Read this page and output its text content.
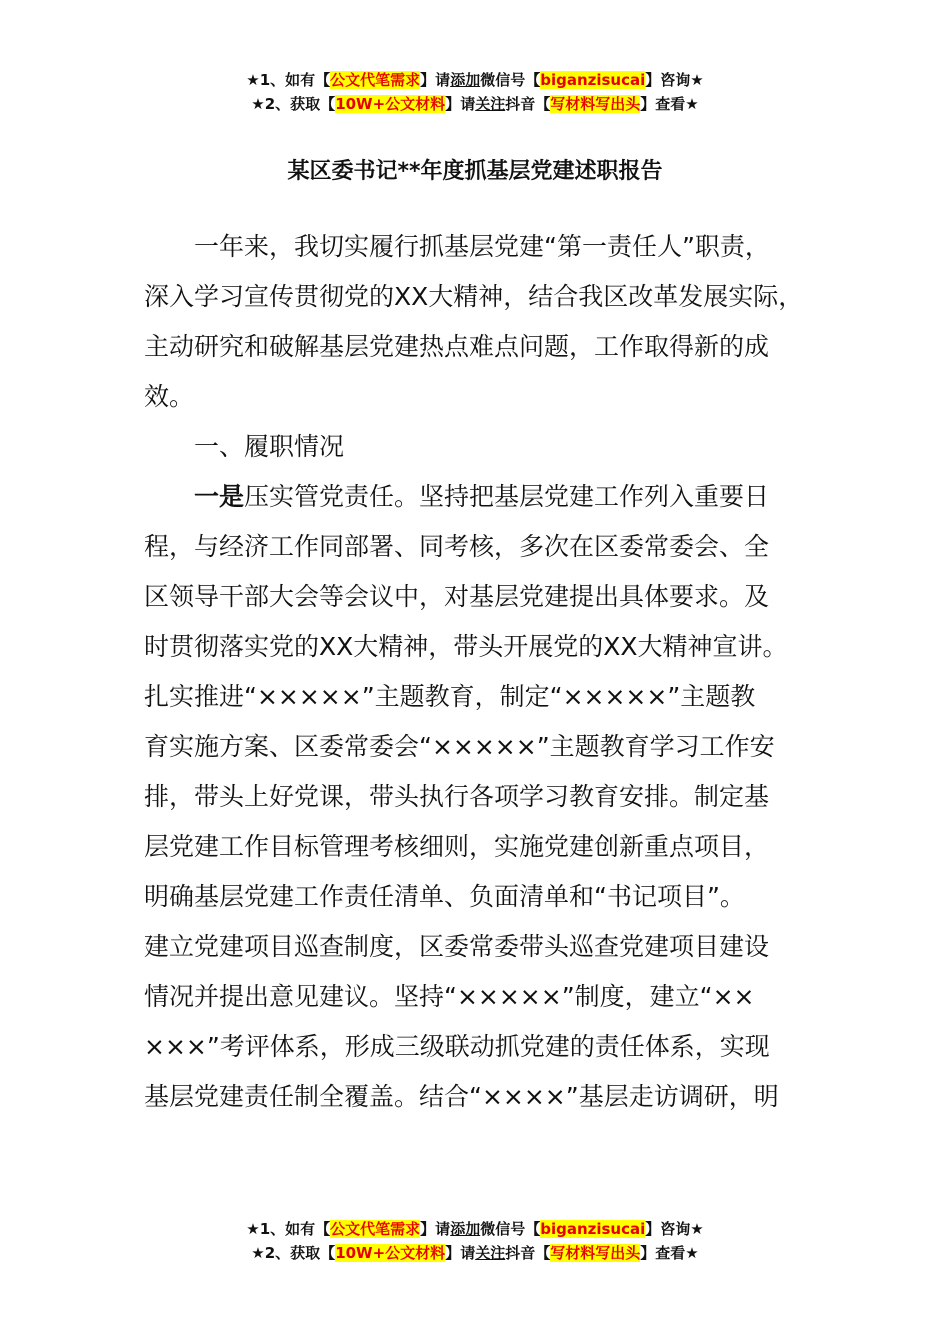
★1、如有【公文代笔需求】请添加微信号【biganzisucai】咨询★
★2、获取【10W+公文材料】请关注抖音【写材料写出头】查看★
某区委书记**年度抓基层党建述职报告
一年来，我切实履行抓基层党建“第一责任人”职责，
深入学习宣传贯彻党的XX大精神，结合我区改革发展实际，
主动研究和破解基层党建热点难点问题，工作取得新的成
效。
一、履职情况
一是压实管党责任。坚持把基层党建工作列入重要日
程，与经济工作同部署、同考核，多次在区委常委会、全
区领导干部大会等会议中，对基层党建提出具体要求。及
时贯彻落实党的XX大精神，带头开展党的XX大精神宣讲。
扎实推进“×××××”主题教育，制定“×××××”主题教
育实施方案、区委常委会“×××××”主题教育学习工作安
排，带头上好党课，带头执行各项学习教育安排。制定基
层党建工作目标管理考核细则，实施党建创新重点项目，
明确基层党建工作责任清单、负面清单和“书记项目”。
建立党建项目巡查制度，区委常委带头巡查党建项目建设
情况并提出意见建议。坚持“×××××”制度，建立“××
×××”考评体系，形成三级联动抓党建的责任体系，实现
基层党建责任制全覆盖。结合“××××”基层走访调研，明
★1、如有【公文代笔需求】请添加微信号【biganzisucai】咨询★
★2、获取【10W+公文材料】请关注抖音【写材料写出头】查看★
